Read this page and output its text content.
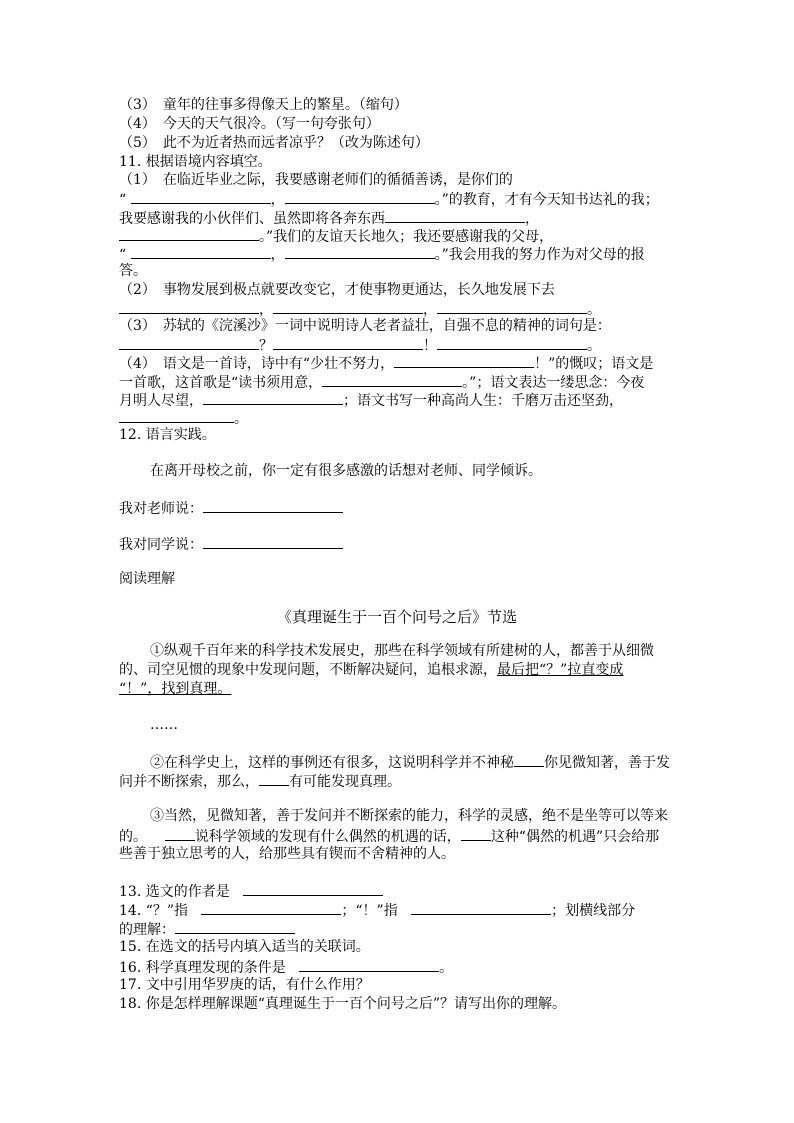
（3）　童年的往事多得像天上的繁星。（缩句）
（4）　今天的天气很冷。（写一句夸张句）
（5）　此不为近者热而远者凉乎？（改为陈述句）
11. 根据语境内容填空。
（1）　在临近毕业之际，我要感谢老师们的循循善诱，是你们的
“	，	。”的教育，才有今天知书达礼的我；
我要感谢我的小伙伴们、虽然即将各奔东西	，
。”我们的友谊天长地久；我还要感谢我的父母，
“	，	。”我会用我的努力作为对父母的报
答。
（2）　事物发展到极点就要改变它，才使事物更通达，长久地发展下去
，	，	。
（3）　苏轼的《浣溪沙》一词中说明诗人老者益壮，自强不息的精神的词句是：
？	！	。
（4）　语文是一首诗，诗中有“少壮不努力，	！”的慨叹；语文是
一首歌，这首歌是“读书须用意，	。”；语文表达一缕思念：今夜
月明人尽望，	；语文书写一种高尚人生：千磨万击还坚劲，
。
12. 语言实践。
在离开母校之前，你一定有很多感激的话想对老师、同学倾诉。
我对老师说：
我对同学说：
阅读理解
《真理诞生于一百个问号之后》节选
①纵观千百年来的科学技术发展史，那些在科学领域有所建树的人，都善于从细微
的、司空见惯的现象中发现问题，不断解决疑问，追根求源，最后把“？”拉直变成
“！”，找到真理。
……
②在科学史上，这样的事例还有很多，这说明科学并不神秘 你见微知著，善于发
问并不断探索，那么， 有可能发现真理。
③当然，见微知著，善于发问并不断探索的能力，科学的灵感，绝不是坐等可以等来
的。	说科学领域的发现有什么偶然的机遇的话， 这种“偶然的机遇”只会给那
些善于独立思考的人，给那些具有锲而不舍精神的人。
13. 选文的作者是
14. “？”指	；“！”指	；划横线部分
的理解：
15. 在选文的括号内填入适当的关联词。
16. 科学真理发现的条件是	。
17. 文中引用华罗庚的话，有什么作用？
18. 你是怎样理解课题“真理诞生于一百个问号之后”？请写出你的理解。
